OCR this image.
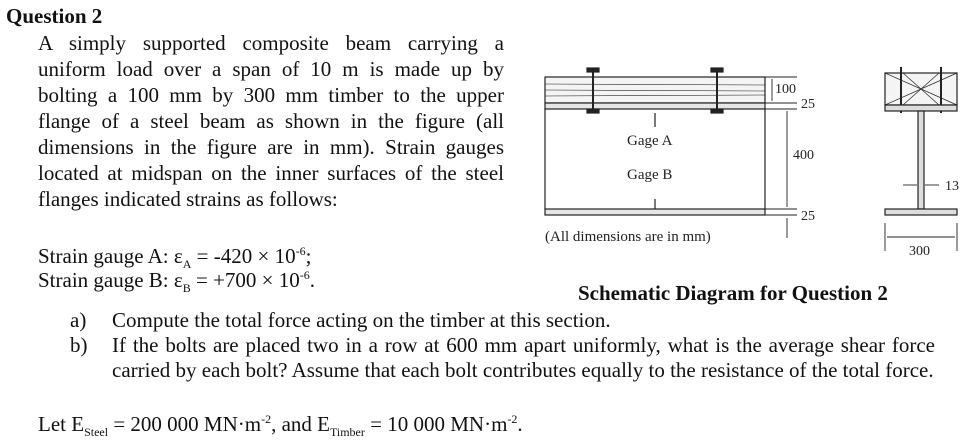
Question 2
A simply supported composite beam carrying a uniform load over a span of 10 m is made up by bolting a 100 mm by 300 mm timber to the upper flange of a steel beam as shown in the figure (all dimensions in the figure are in mm). Strain gauges located at midspan on the inner surfaces of the steel flanges indicated strains as follows:
Strain gauge A: $\varepsilon_A = -420 \times 10^{-6}$;
Strain gauge B: $\varepsilon_B = +700 \times 10^{-6}$.
Gage A
Gage B
100
25
400
25
(All dimensions are in mm)
13
300
Schematic Diagram for Question 2
a)	Compute the total force acting on the timber at this section.
b)	If the bolts are placed two in a row at 600 mm apart uniformly, what is the average shear force carried by each bolt? Assume that each bolt contributes equally to the resistance of the total force.
Let $E_{Steel} = 200$ 000 $MN\cdot m^{-2}$, and $E_{Timber} = 10$ 000 $MN\cdot m^{-2}$.
